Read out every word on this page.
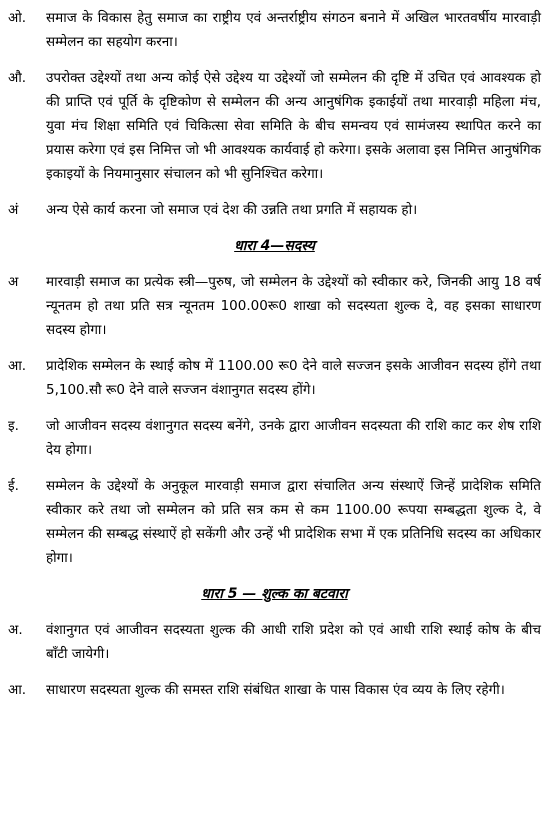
ओ.	समाज के विकास हेतु समाज का राष्ट्रीय एवं अन्तर्राष्ट्रीय संगठन बनाने में अखिल भारतवर्षीय मारवाड़ी सम्मेलन का सहयोग करना।
औ.	उपरोक्त उद्देश्यों तथा अन्य कोई ऐसे उद्देश्य या उद्देश्यों जो सम्मेलन की दृष्टि में उचित एवं आवश्यक हो की प्राप्ति एवं पूर्ति के दृष्टिकोण से सम्मेलन की अन्य आनुषंगिक इकाईयों तथा मारवाड़ी महिला मंच, युवा मंच शिक्षा समिति एवं चिकित्सा सेवा समिति के बीच समन्वय एवं सामंजस्य स्थापित करने का प्रयास करेगा एवं इस निमित्त जो भी आवश्यक कार्यवाई हो करेगा। इसके अलावा इस निमित्त आनुषंगिक इकाइयों के नियमानुसार संचालन को भी सुनिश्चित करेगा।
अं	अन्य ऐसे कार्य करना जो समाज एवं देश की उन्नति तथा प्रगति में सहायक हो।
धारा 4—सदस्य
अ	मारवाड़ी समाज का प्रत्येक स्त्री—पुरुष, जो सम्मेलन के उद्देश्यों को स्वीकार करे, जिनकी आयु 18 वर्ष न्यूनतम हो तथा प्रति सत्र न्यूनतम 100.00रू0 शाखा को सदस्यता शुल्क दे, वह इसका साधारण सदस्य होगा।
आ.	प्रादेशिक सम्मेलन के स्थाई कोष में 1100.00 रू0 देने वाले सज्जन इसके आजीवन सदस्य होंगे तथा 5,100.सौ रू0 देने वाले सज्जन वंशानुगत सदस्य होंगे।
इ.	जो आजीवन सदस्य वंशानुगत सदस्य बनेंगे, उनके द्वारा आजीवन सदस्यता की राशि काट कर शेष राशि देय होगा।
ई.	सम्मेलन के उद्देश्यों के अनुकूल मारवाड़ी समाज द्वारा संचालित अन्य संस्थाऐं जिन्हें प्रादेशिक समिति स्वीकार करे तथा जो सम्मेलन को प्रति सत्र कम से कम 1100.00 रूपया सम्बद्धता शुल्क दे, वे सम्मेलन की सम्बद्ध संस्थाऐं हो सकेंगी और उन्हें भी प्रादेशिक सभा में एक प्रतिनिधि सदस्य का अधिकार होगा।
धारा 5 — शुल्क का बटवारा
अ.	वंशानुगत एवं आजीवन सदस्यता शुल्क की आधी राशि प्रदेश को एवं आधी राशि स्थाई कोष के बीच बाँटी जायेगी।
आ.	साधारण सदस्यता शुल्क की समस्त राशि संबंधित शाखा के पास विकास एंव व्यय के लिए रहेगी।
